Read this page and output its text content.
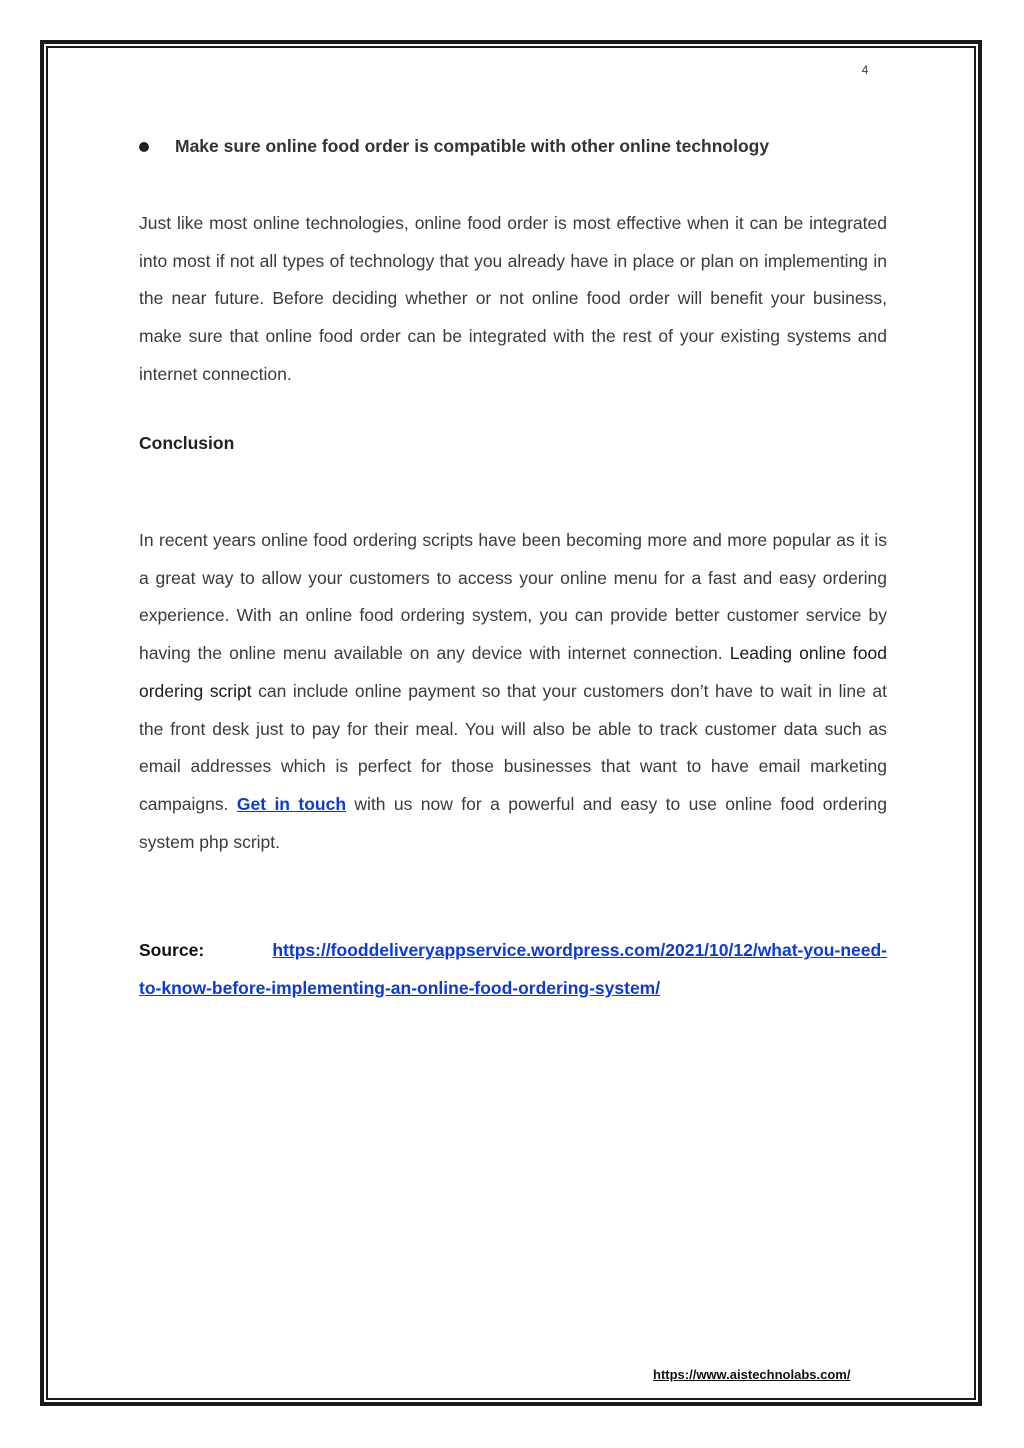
4
Make sure online food order is compatible with other online technology

Just like most online technologies, online food order is most effective when it can be integrated into most if not all types of technology that you already have in place or plan on implementing in the near future. Before deciding whether or not online food order will benefit your business, make sure that online food order can be integrated with the rest of your existing systems and internet connection.

Conclusion

In recent years online food ordering scripts have been becoming more and more popular as it is a great way to allow your customers to access your online menu for a fast and easy ordering experience. With an online food ordering system, you can provide better customer service by having the online menu available on any device with internet connection. Leading online food ordering script can include online payment so that your customers don’t have to wait in line at the front desk just to pay for their meal. You will also be able to track customer data such as email addresses which is perfect for those businesses that want to have email marketing campaigns. Get in touch with us now for a powerful and easy to use online food ordering system php script.

Source:	https://fooddeliveryappservice.wordpress.com/2021/10/12/what-you-need-
to-know-before-implementing-an-online-food-ordering-system/
https://www.aistechnolabs.com/
